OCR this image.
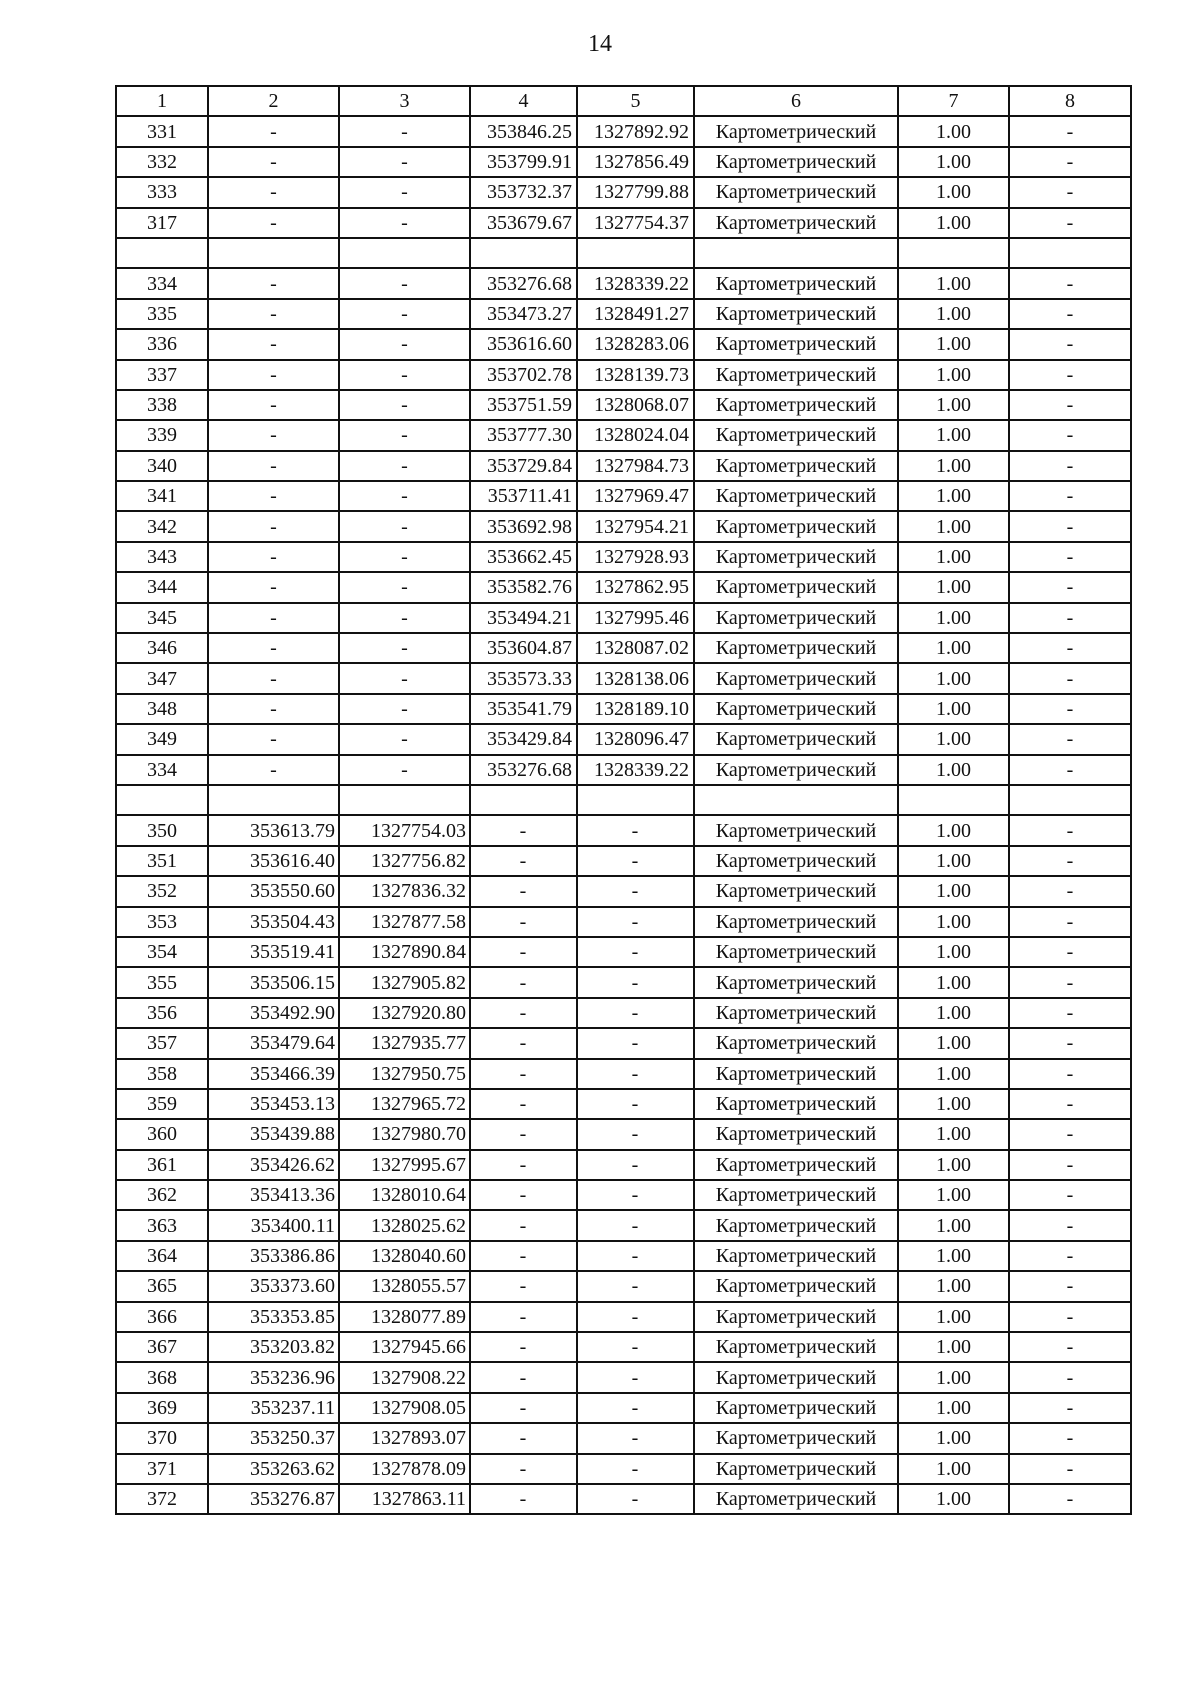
14
1	2	3	4	5	6	7	8
331	-	-	353846.25	1327892.92	Картометрический	1.00	-
332	-	-	353799.91	1327856.49	Картометрический	1.00	-
333	-	-	353732.37	1327799.88	Картометрический	1.00	-
317	-	-	353679.67	1327754.37	Картометрический	1.00	-

334	-	-	353276.68	1328339.22	Картометрический	1.00	-
335	-	-	353473.27	1328491.27	Картометрический	1.00	-
336	-	-	353616.60	1328283.06	Картометрический	1.00	-
337	-	-	353702.78	1328139.73	Картометрический	1.00	-
338	-	-	353751.59	1328068.07	Картометрический	1.00	-
339	-	-	353777.30	1328024.04	Картометрический	1.00	-
340	-	-	353729.84	1327984.73	Картометрический	1.00	-
341	-	-	353711.41	1327969.47	Картометрический	1.00	-
342	-	-	353692.98	1327954.21	Картометрический	1.00	-
343	-	-	353662.45	1327928.93	Картометрический	1.00	-
344	-	-	353582.76	1327862.95	Картометрический	1.00	-
345	-	-	353494.21	1327995.46	Картометрический	1.00	-
346	-	-	353604.87	1328087.02	Картометрический	1.00	-
347	-	-	353573.33	1328138.06	Картометрический	1.00	-
348	-	-	353541.79	1328189.10	Картометрический	1.00	-
349	-	-	353429.84	1328096.47	Картометрический	1.00	-
334	-	-	353276.68	1328339.22	Картометрический	1.00	-

350	353613.79	1327754.03	-	-	Картометрический	1.00	-
351	353616.40	1327756.82	-	-	Картометрический	1.00	-
352	353550.60	1327836.32	-	-	Картометрический	1.00	-
353	353504.43	1327877.58	-	-	Картометрический	1.00	-
354	353519.41	1327890.84	-	-	Картометрический	1.00	-
355	353506.15	1327905.82	-	-	Картометрический	1.00	-
356	353492.90	1327920.80	-	-	Картометрический	1.00	-
357	353479.64	1327935.77	-	-	Картометрический	1.00	-
358	353466.39	1327950.75	-	-	Картометрический	1.00	-
359	353453.13	1327965.72	-	-	Картометрический	1.00	-
360	353439.88	1327980.70	-	-	Картометрический	1.00	-
361	353426.62	1327995.67	-	-	Картометрический	1.00	-
362	353413.36	1328010.64	-	-	Картометрический	1.00	-
363	353400.11	1328025.62	-	-	Картометрический	1.00	-
364	353386.86	1328040.60	-	-	Картометрический	1.00	-
365	353373.60	1328055.57	-	-	Картометрический	1.00	-
366	353353.85	1328077.89	-	-	Картометрический	1.00	-
367	353203.82	1327945.66	-	-	Картометрический	1.00	-
368	353236.96	1327908.22	-	-	Картометрический	1.00	-
369	353237.11	1327908.05	-	-	Картометрический	1.00	-
370	353250.37	1327893.07	-	-	Картометрический	1.00	-
371	353263.62	1327878.09	-	-	Картометрический	1.00	-
372	353276.87	1327863.11	-	-	Картометрический	1.00	-
